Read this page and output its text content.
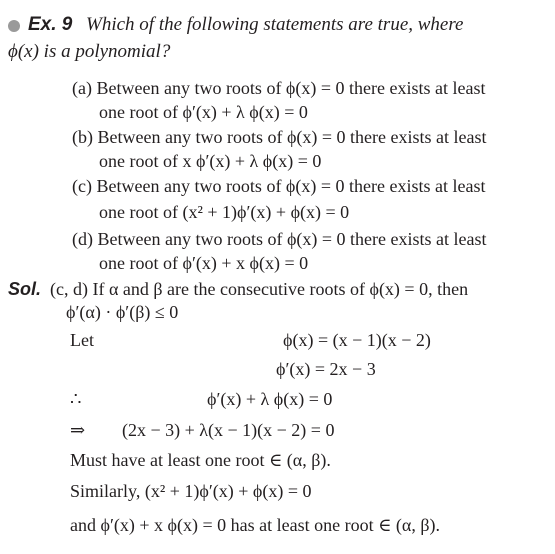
Ex. 9 Which of the following statements are true, where
ϕ(x) is a polynomial?
(a) Between any two roots of ϕ(x) = 0 there exists at least
one root of ϕ′(x) + λ ϕ(x) = 0
(b) Between any two roots of ϕ(x) = 0 there exists at least
one root of x ϕ′(x) + λ ϕ(x) = 0
(c) Between any two roots of ϕ(x) = 0 there exists at least
one root of (x² + 1)ϕ′(x) + ϕ(x) = 0
(d) Between any two roots of ϕ(x) = 0 there exists at least
one root of ϕ′(x) + x ϕ(x) = 0
Sol. (c, d) If α and β are the consecutive roots of ϕ(x) = 0, then
ϕ′(α) · ϕ′(β) ≤ 0
Let	ϕ(x) = (x − 1)(x − 2)
ϕ′(x) = 2x − 3
∴	ϕ′(x) + λ ϕ(x) = 0
⇒ (2x − 3) + λ(x − 1)(x − 2) = 0
Must have at least one root ∈ (α, β).
Similarly, (x² + 1)ϕ′(x) + ϕ(x) = 0
and ϕ′(x) + x ϕ(x) = 0 has at least one root ∈ (α, β).
